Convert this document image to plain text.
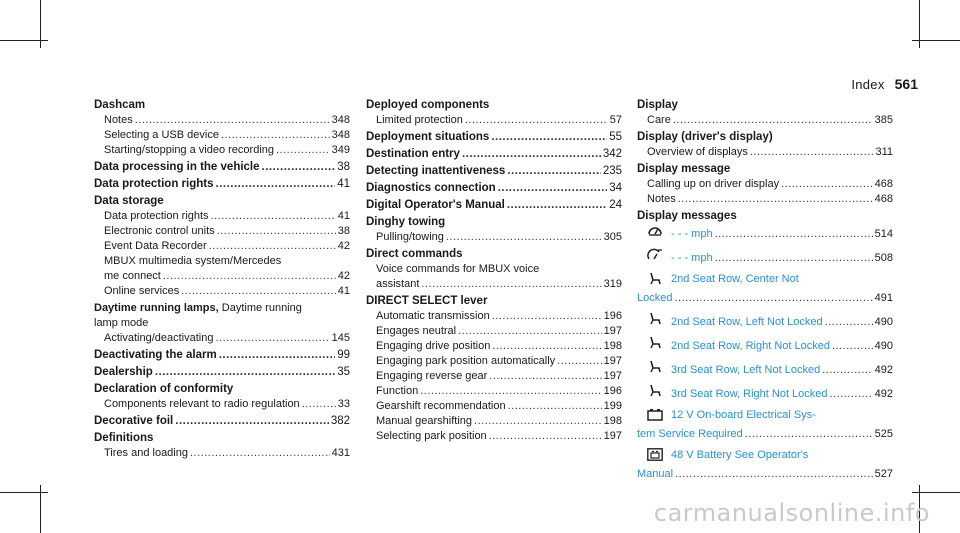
Index 561
Dashcam
Notes .....	348
Selecting a USB device .....	348
Starting/stopping a video recording .....	349
Data processing in the vehicle .....	38
Data protection rights .....	41
Data storage
Data protection rights .....	41
Electronic control units .....	38
Event Data Recorder .....	42
MBUX multimedia system/Mercedes
me connect .....	42
Online services .....	41
Daytime running lamps, Daytime running
lamp mode
Activating/deactivating .....	145
Deactivating the alarm .....	99
Dealership .....	35
Declaration of conformity
Components relevant to radio regulation .....	33
Decorative foil .....	382
Definitions
Tires and loading .....	431
Deployed components
Limited protection .....	57
Deployment situations .....	55
Destination entry .....	342
Detecting inattentiveness .....	235
Diagnostics connection .....	34
Digital Operator's Manual .....	24
Dinghy towing
Pulling/towing .....	305
Direct commands
Voice commands for MBUX voice
assistant .....	319
DIRECT SELECT lever
Automatic transmission .....	196
Engages neutral .....	197
Engaging drive position .....	198
Engaging park position automatically .....	197
Engaging reverse gear .....	197
Function .....	196
Gearshift recommendation .....	199
Manual gearshifting .....	198
Selecting park position .....	197
Display
Care .....	385
Display (driver's display)
Overview of displays .....	311
Display message
Calling up on driver display .....	468
Notes .....	468
Display messages
- - - mph .....	514
- - - mph .....	508
2nd Seat Row, Center Not
Locked .....	491
2nd Seat Row, Left Not Locked .....	490
2nd Seat Row, Right Not Locked .....	490
3rd Seat Row, Left Not Locked .....	492
3rd Seat Row, Right Not Locked .....	492
12 V On-board Electrical Sys-
tem Service Required .....	525
48 V Battery See Operator's
Manual .....	527
carmanualsonline.info
